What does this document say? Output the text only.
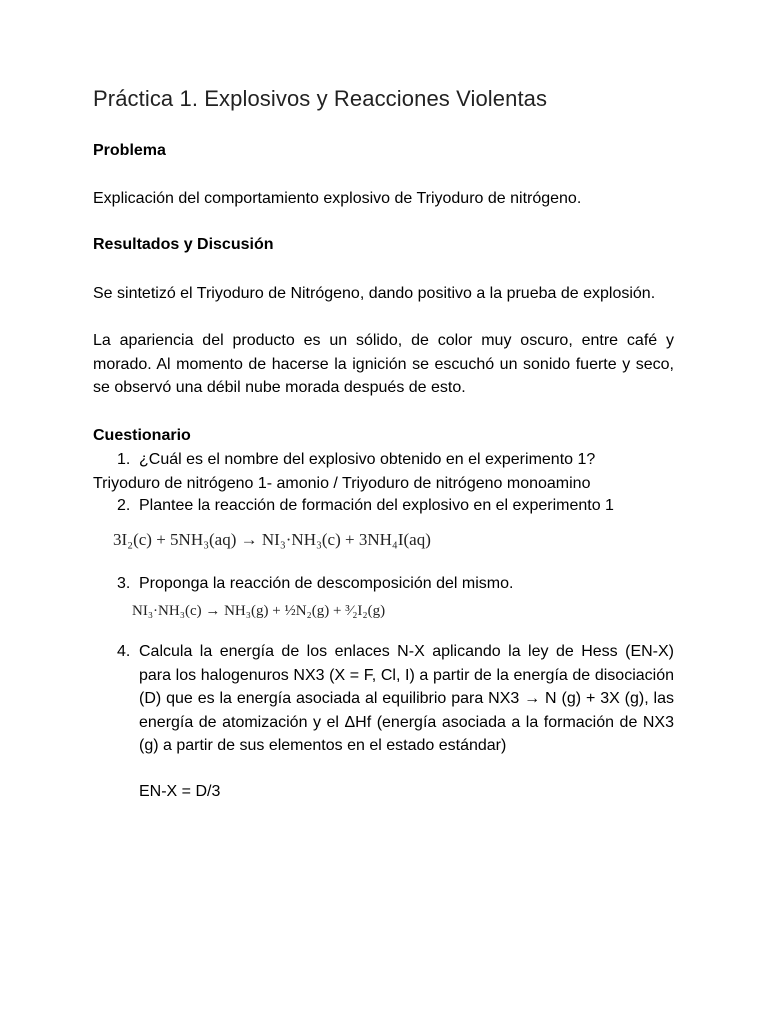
Práctica 1. Explosivos y Reacciones Violentas
Problema
Explicación del comportamiento explosivo de Triyoduro de nitrógeno.
Resultados y Discusión
Se sintetizó el Triyoduro de Nitrógeno, dando positivo a la prueba de explosión.
La apariencia del producto es un sólido, de color muy oscuro, entre café y morado. Al momento de hacerse la ignición se escuchó un sonido fuerte y seco, se observó una débil nube morada después de esto.
Cuestionario
1. ¿Cuál es el nombre del explosivo obtenido en el experimento 1?
Triyoduro de nitrógeno 1- amonio / Triyoduro de nitrógeno monoamino
2. Plantee la reacción de formación del explosivo en el experimento 1
3I₂(c) + 5NH₃(aq) → NI₃·NH₃(c) + 3NH₄I(aq)
3. Proponga la reacción de descomposición del mismo.
NI₃·NH₃(c) → NH₃(g) + ½N₂(g) + ³⁄₂I₂(g)
4. Calcula la energía de los enlaces N-X aplicando la ley de Hess (EN-X) para los halogenuros NX3 (X = F, Cl, I) a partir de la energía de disociación (D) que es la energía asociada al equilibrio para NX3 → N (g) + 3X (g), las energía de atomización y el ΔHf (energía asociada a la formación de NX3 (g) a partir de sus elementos en el estado estándar)
EN-X = D/3
